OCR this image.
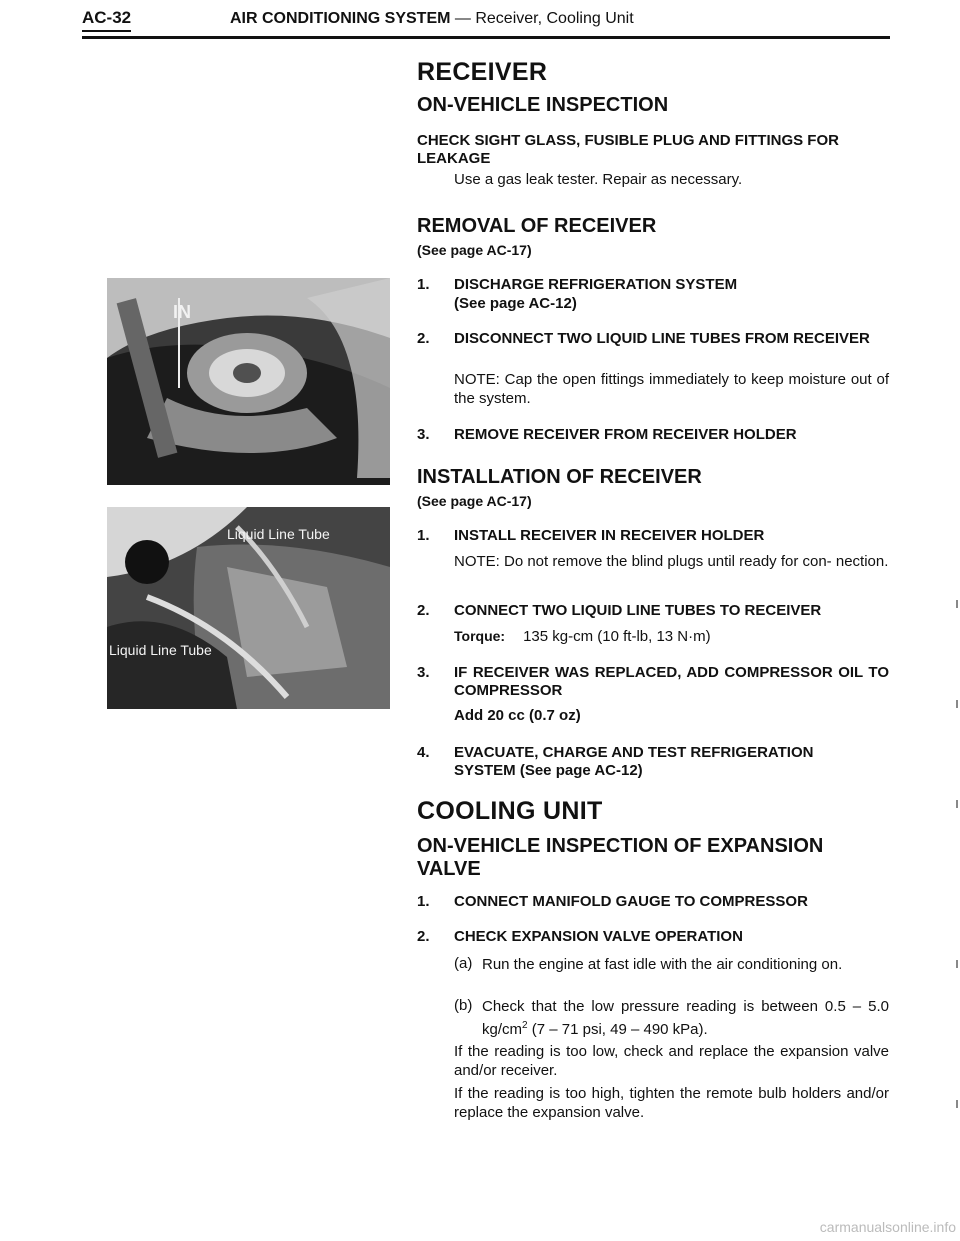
AC-32	AIR CONDITIONING SYSTEM — Receiver, Cooling Unit
IN
Liquid Line Tube
Liquid Line Tube
RECEIVER
ON-VEHICLE INSPECTION
CHECK SIGHT GLASS, FUSIBLE PLUG AND FITTINGS FOR LEAKAGE
Use a gas leak tester. Repair as necessary.
REMOVAL OF RECEIVER
(See page AC-17)
1. DISCHARGE REFRIGERATION SYSTEM
(See page AC-12)
2. DISCONNECT TWO LIQUID LINE TUBES FROM RECEIVER
NOTE: Cap the open fittings immediately to keep moisture out of the system.
3. REMOVE RECEIVER FROM RECEIVER HOLDER
INSTALLATION OF RECEIVER
(See page AC-17)
1. INSTALL RECEIVER IN RECEIVER HOLDER
NOTE: Do not remove the blind plugs until ready for con- nection.
2. CONNECT TWO LIQUID LINE TUBES TO RECEIVER
Torque: 135 kg-cm (10 ft-lb, 13 N·m)
3. IF RECEIVER WAS REPLACED, ADD COMPRESSOR OIL TO COMPRESSOR
Add 20 cc (0.7 oz)
4. EVACUATE, CHARGE AND TEST REFRIGERATION SYSTEM (See page AC-12)
COOLING UNIT
ON-VEHICLE INSPECTION OF EXPANSION VALVE
1. CONNECT MANIFOLD GAUGE TO COMPRESSOR
2. CHECK EXPANSION VALVE OPERATION
(a) Run the engine at fast idle with the air conditioning on.
(b) Check that the low pressure reading is between 0.5 – 5.0 $kg/cm^2$ (7 – 71 psi, 49 – 490 kPa).
If the reading is too low, check and replace the expansion valve and/or receiver.
If the reading is too high, tighten the remote bulb holders and/or replace the expansion valve.
carmanualsonline.info
